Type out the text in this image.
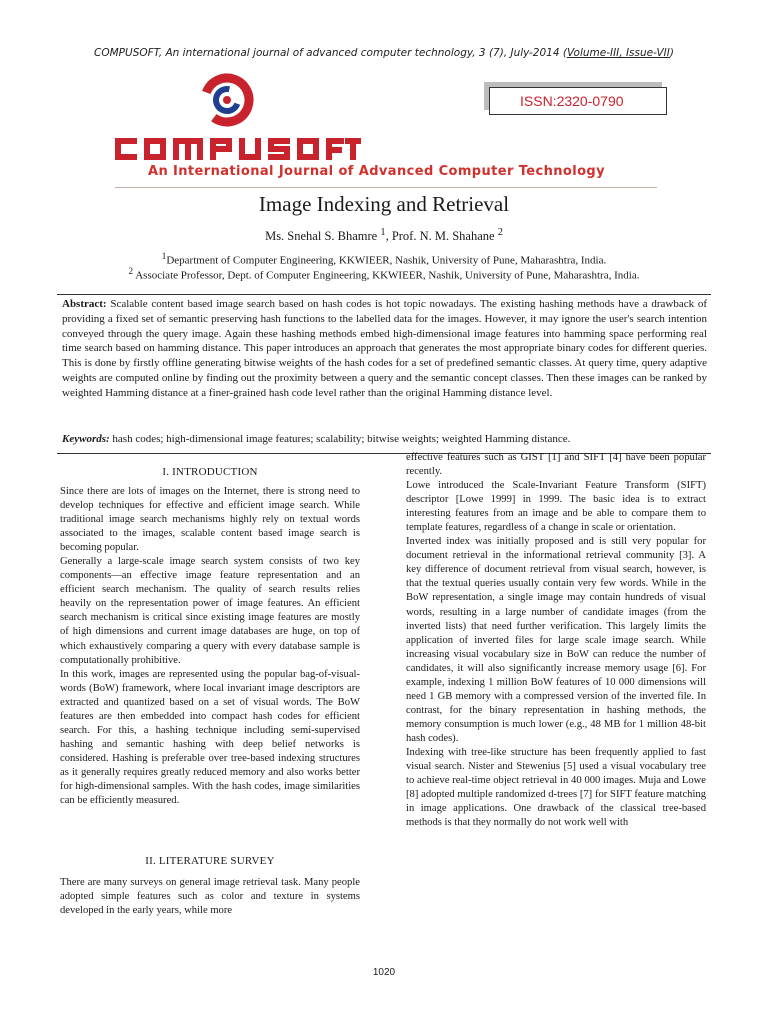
COMPUSOFT, An international journal of advanced computer technology, 3 (7), July-2014 (Volume-III, Issue-VII)
ISSN:2320-0790
An International Journal of Advanced Computer Technology
Image Indexing and Retrieval
Ms. Snehal S. Bhamre $^1$, Prof. N. M. Shahane $^2$
$^1$Department of Computer Engineering, KKWIEER, Nashik, University of Pune, Maharashtra, India.
$^2$ Associate Professor, Dept. of Computer Engineering, KKWIEER, Nashik, University of Pune, Maharashtra, India.

Abstract: Scalable content based image search based on hash codes is hot topic nowadays. The existing hashing methods have a drawback of providing a fixed set of semantic preserving hash functions to the labelled data for the images. However, it may ignore the user's search intention conveyed through the query image. Again these hashing methods embed high-dimensional image features into hamming space performing real time search based on hamming distance. This paper introduces an approach that generates the most appropriate binary codes for different queries. This is done by firstly offline generating bitwise weights of the hash codes for a set of predefined semantic classes. At query time, query adaptive weights are computed online by finding out the proximity between a query and the semantic concept classes. Then these images can be ranked by weighted Hamming distance at a finer-grained hash code level rather than the original Hamming distance level.

Keywords: hash codes; high-dimensional image features; scalability; bitwise weights; weighted Hamming distance.

I. INTRODUCTION

Since there are lots of images on the Internet, there is strong need to develop techniques for effective and efficient image search. While traditional image search mechanisms highly rely on textual words associated to the images, scalable content based image search is becoming popular.

Generally a large-scale image search system consists of two key components—an effective image feature representation and an efficient search mechanism. The quality of search results relies heavily on the representation power of image features. An efficient search mechanism is critical since existing image features are mostly of high dimensions and current image databases are huge, on top of which exhaustively comparing a query with every database sample is computationally prohibitive.

In this work, images are represented using the popular bag-of-visual-words (BoW) framework, where local invariant image descriptors are extracted and quantized based on a set of visual words. The BoW features are then embedded into compact hash codes for efficient search. For this, a hashing technique including semi-supervised hashing and semantic hashing with deep belief networks is considered. Hashing is preferable over tree-based indexing structures as it generally requires greatly reduced memory and also works better for high-dimensional samples. With the hash codes, image similarities can be efficiently measured.

II. LITERATURE SURVEY

There are many surveys on general image retrieval task. Many people adopted simple features such as color and texture in systems developed in the early years, while more

effective features such as GIST [1] and SIFT [4] have been popular recently.

Lowe introduced the Scale-Invariant Feature Transform (SIFT) descriptor [Lowe 1999] in 1999. The basic idea is to extract interesting features from an image and be able to compare them to template features, regardless of a change in scale or orientation.

Inverted index was initially proposed and is still very popular for document retrieval in the informational retrieval community [3]. A key difference of document retrieval from visual search, however, is that the textual queries usually contain very few words. While in the BoW representation, a single image may contain hundreds of visual words, resulting in a large number of candidate images (from the inverted lists) that need further verification. This largely limits the application of inverted files for large scale image search. While increasing visual vocabulary size in BoW can reduce the number of candidates, it will also significantly increase memory usage [6]. For example, indexing 1 million BoW features of 10 000 dimensions will need 1 GB memory with a compressed version of the inverted file. In contrast, for the binary representation in hashing methods, the memory consumption is much lower (e.g., 48 MB for 1 million 48-bit hash codes).

Indexing with tree-like structure has been frequently applied to fast visual search. Nister and Stewenius [5] used a visual vocabulary tree to achieve real-time object retrieval in 40 000 images. Muja and Lowe [8] adopted multiple randomized d-trees [7] for SIFT feature matching in image applications. One drawback of the classical tree-based methods is that they normally do not work well with

1020
